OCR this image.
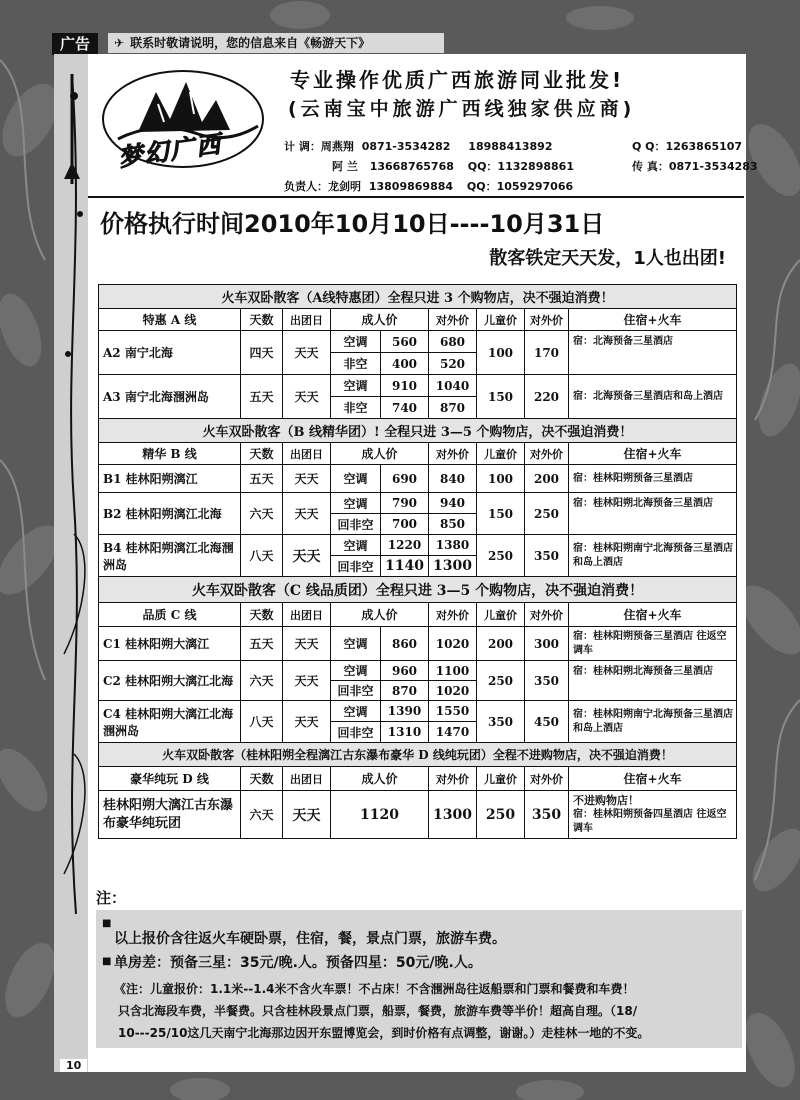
广告	✈ 联系时敬请说明，您的信息来自《畅游天下》
梦幻广西
专业操作优质广西旅游同业批发!
(云南宝中旅游广西线独家供应商)
计 调：周燕翔 0871-3534282 18988413892	Q Q：1263865107
阿 兰 13668765768 QQ：1132898861	传 真：0871-3534283
负责人：龙剑明 13809869884 QQ：1059297066
价格执行时间2010年10月10日----10月31日
散客铁定天天发，1人也出团!
火车双卧散客（A线特惠团）全程只进 3 个购物店，决不强迫消费！								
特惠 A 线	天数	出团日	成人价		对外价	儿童价	对外价	住宿+火车
A2 南宁北海	四天	天天	空调	560	680	100	170	宿：北海预备三星酒店
			非空	400	520			
A3 南宁北海涠洲岛	五天	天天	空调	910	1040	150	220	宿：北海预备三星酒店和岛上酒店
			非空	740	870			
火车双卧散客（B 线精华团）! 全程只进 3—5 个购物店，决不强迫消费！								
精华 B 线	天数	出团日	成人价		对外价	儿童价	对外价	住宿+火车
B1 桂林阳朔漓江	五天	天天	空调	690	840	100	200	宿：桂林阳朔预备三星酒店
B2 桂林阳朔漓江北海	六天	天天	空调	790	940	150	250	宿：桂林阳朔北海预备三星酒店
			回非空	700	850			
B4 桂林阳朔漓江北海涠洲岛	八天	天天	空调	1220	1380	250	350	宿：桂林阳朔南宁北海预备三星酒店和岛上酒店
			回非空	1140	1300			
火车双卧散客（C 线品质团）全程只进 3—5 个购物店，决不强迫消费！								
品质 C 线	天数	出团日	成人价		对外价	儿童价	对外价	住宿+火车
C1 桂林阳朔大漓江	五天	天天	空调	860	1020	200	300	宿：桂林阳朔预备三星酒店 往返空调车
C2 桂林阳朔大漓江北海	六天	天天	空调	960	1100	250	350	宿：桂林阳朔北海预备三星酒店
			回非空	870	1020			
C4 桂林阳朔大漓江北海涠洲岛	八天	天天	空调	1390	1550	350	450	宿：桂林阳朔南宁北海预备三星酒店和岛上酒店
			回非空	1310	1470			
火车双卧散客（桂林阳朔全程漓江古东瀑布豪华 D 线纯玩团）全程不进购物店，决不强迫消费！								
豪华纯玩 D 线	天数	出团日	成人价		对外价	儿童价	对外价	住宿+火车
桂林阳朔大漓江古东瀑布豪华纯玩团	六天	天天	1120		1300	250	350	不进购物店！
宿：桂林阳朔预备四星酒店 往返空调车
注：
■
以上报价含往返火车硬卧票，住宿，餐，景点门票，旅游车费。
■ 单房差：预备三星：35元/晚.人。预备四星：50元/晚.人。
《注：儿童报价：1.1米--1.4米不含火车票！不占床！不含涠洲岛往返船票和门票和餐费和车费！
只含北海段车费，半餐费。只含桂林段景点门票，船票，餐费，旅游车费等半价！超高自理。（18/
10---25/10这几天南宁北海那边因开东盟博览会，到时价格有点调整，谢谢。）走桂林一地的不变。
10	国内 云南版 欢迎浏览电子版 www.zyoo.net
